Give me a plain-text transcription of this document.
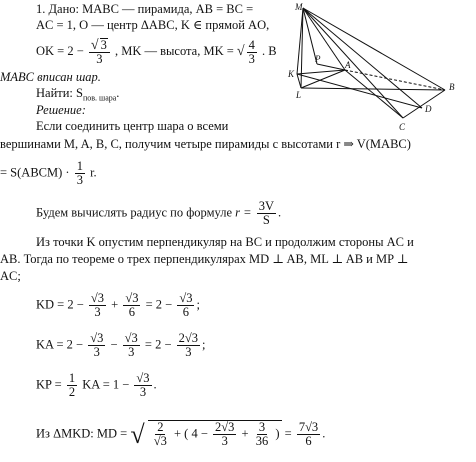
1. Дано: MABC — пирамида, AB = BC =
AC = 1, O — центр ΔABC, K ∈ прямой AO,
OK = $2 - \frac{√ 3}{3}$ , MK — высота, MK = √ $\frac{4}{3}$ . В
MABC вписан шар.
Найти: $S_{пов. шара}$.
Решение:
Если соединить центр шара о всеми
вершинами M, A, B, C, получим четыре пирамиды с высотами r ⇒ V(MABC)
= S(ABCM) · $\frac{1}{3} r$.
Будем вычислять радиус по формуле $r = \frac{3V}{S}$ .
Из точки K опустим перпендикуляр на BC и продолжим стороны AC и
AB. Тогда по теореме о трех перпендикулярах MD ⊥ AB, ML ⊥ AB и MP ⊥
AC;
KD = $2 - \frac{√3}{3} + \frac{√3}{6} = 2 - \frac{√3}{6}$ ;
KA = $2 - \frac{√3}{3} - \frac{√3}{3} = 2 - \frac{2√3}{3}$ ;
KP = $\frac{1}{2}$ KA = $1 - \frac{√3}{3}$ .
Из ΔMKD: MD = √ $\frac{2}{√3}$ + ( $4 - \frac{2√3}{3} + \frac{3}{36}$ ) = $\frac{7√3}{6}$ .
M
K
P
L
A
B
D
C
